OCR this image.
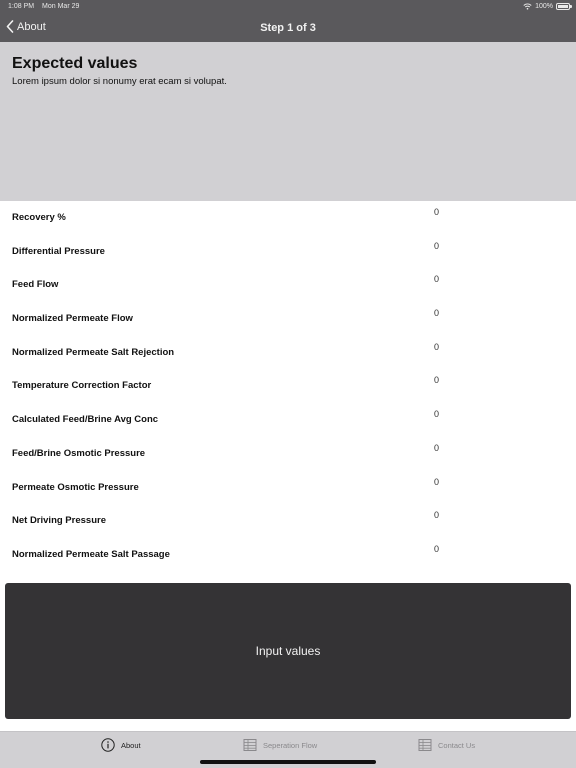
1:08 PM Mon Mar 29	100%
About	Step 1 of 3
Expected values
Lorem ipsum dolor si nonumy erat ecam si volupat.
Recovery %	0
Differential Pressure	0
Feed Flow	0
Normalized Permeate Flow	0
Normalized Permeate Salt Rejection	0
Temperature Correction Factor	0
Calculated Feed/Brine Avg Conc	0
Feed/Brine Osmotic Pressure	0
Permeate Osmotic Pressure	0
Net Driving Pressure	0
Normalized Permeate Salt Passage	0
Input values
About	Seperation Flow	Contact Us
